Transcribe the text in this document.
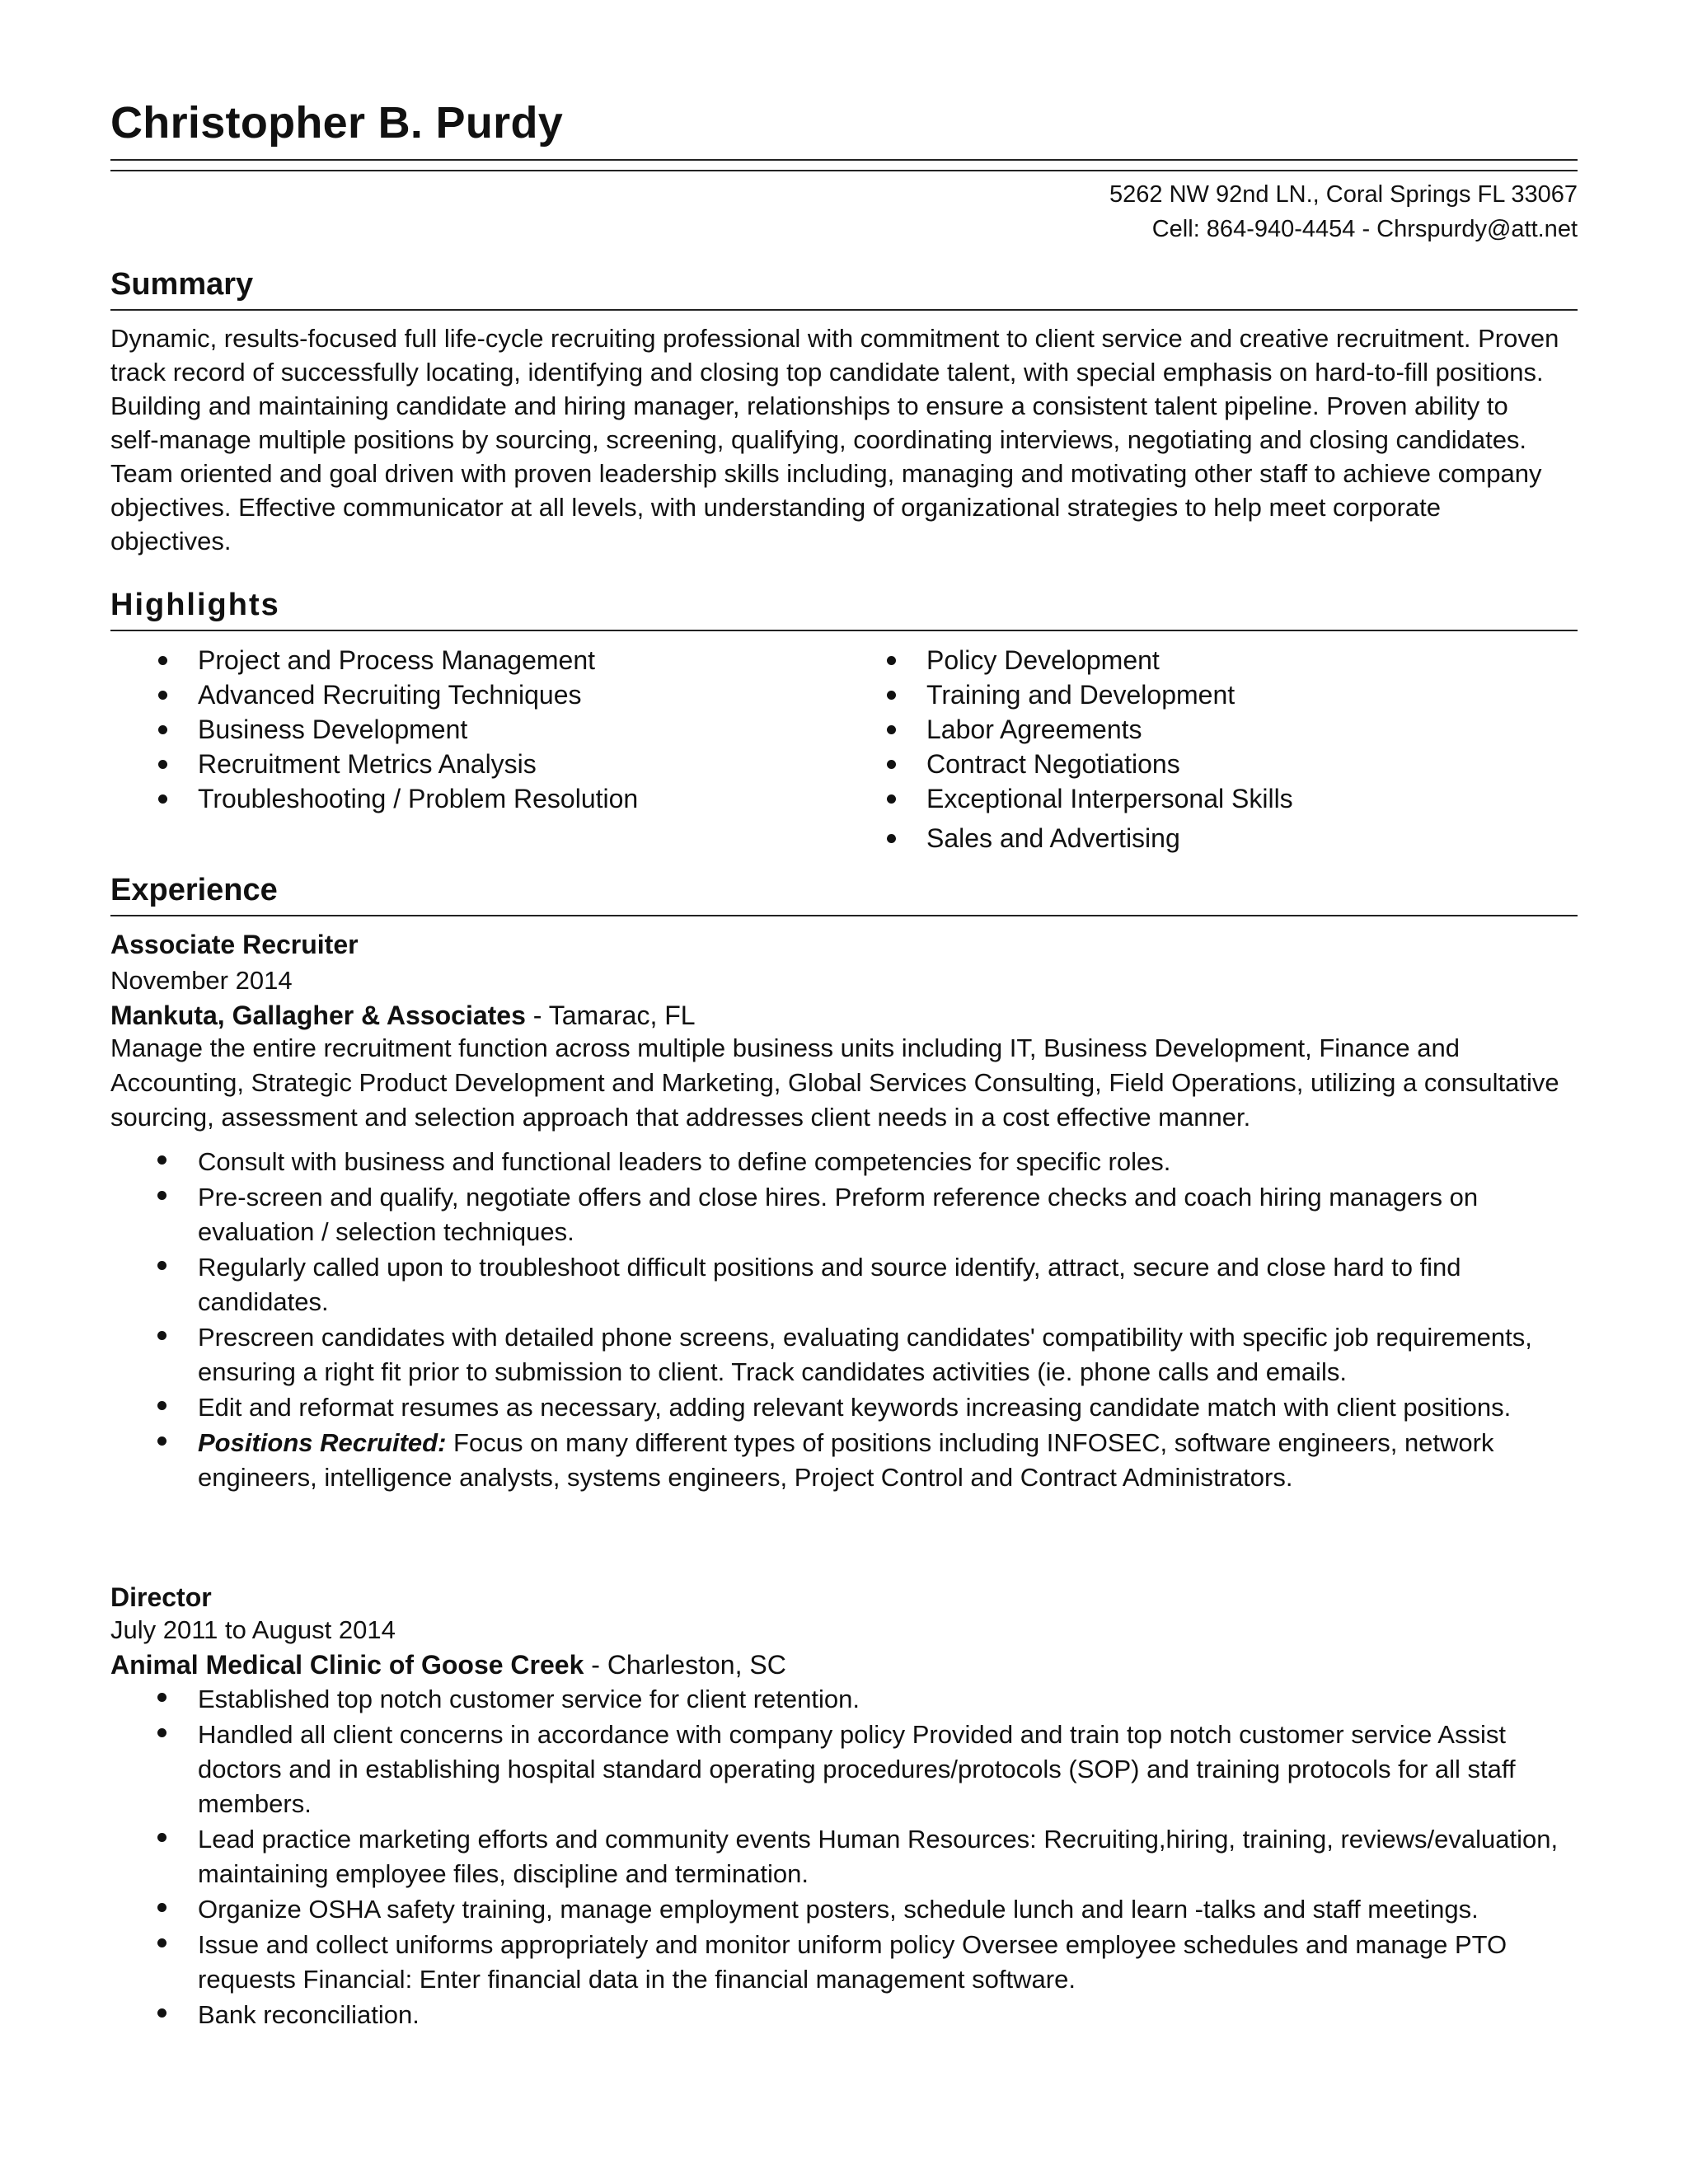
Christopher B. Purdy
5262 NW 92nd LN., Coral Springs FL 33067
Cell: 864-940-4454 - Chrspurdy@att.net
Summary

Dynamic, results-focused full life-cycle recruiting professional with commitment to client service and creative recruitment. Proven track record of successfully locating, identifying and closing top candidate talent, with special emphasis on hard-to-fill positions. Building and maintaining candidate and hiring manager, relationships to ensure a consistent talent pipeline. Proven ability to self-manage multiple positions by sourcing, screening, qualifying, coordinating interviews, negotiating and closing candidates. Team oriented and goal driven with proven leadership skills including, managing and motivating other staff to achieve company objectives. Effective communicator at all levels, with understanding of organizational strategies to help meet corporate objectives.

Highlights
Project and Process Management
Advanced Recruiting Techniques
Business Development
Recruitment Metrics Analysis
Troubleshooting / Problem Resolution
Policy Development
Training and Development
Labor Agreements
Contract Negotiations
Exceptional Interpersonal Skills
Sales and Advertising
Experience
Associate Recruiter
November 2014
Mankuta, Gallagher & Associates - Tamarac, FL

Manage the entire recruitment function across multiple business units including IT, Business Development, Finance and Accounting, Strategic Product Development and Marketing, Global Services Consulting, Field Operations, utilizing a consultative sourcing, assessment and selection approach that addresses client needs in a cost effective manner.

Consult with business and functional leaders to define competencies for specific roles.
Pre-screen and qualify, negotiate offers and close hires. Preform reference checks and coach hiring managers on evaluation / selection techniques.
Regularly called upon to troubleshoot difficult positions and source identify, attract, secure and close hard to find candidates.
Prescreen candidates with detailed phone screens, evaluating candidates' compatibility with specific job requirements, ensuring a right fit prior to submission to client. Track candidates activities (ie. phone calls and emails.
Edit and reformat resumes as necessary, adding relevant keywords increasing candidate match with client positions.
Positions Recruited: Focus on many different types of positions including INFOSEC, software engineers, network engineers, intelligence analysts, systems engineers, Project Control and Contract Administrators.
Director
July 2011 to August 2014
Animal Medical Clinic of Goose Creek - Charleston, SC
Established top notch customer service for client retention.
Handled all client concerns in accordance with company policy Provided and train top notch customer service Assist doctors and in establishing hospital standard operating procedures/protocols (SOP) and training protocols for all staff members.
Lead practice marketing efforts and community events Human Resources: Recruiting,hiring, training, reviews/evaluation, maintaining employee files, discipline and termination.
Organize OSHA safety training, manage employment posters, schedule lunch and learn -talks and staff meetings.
Issue and collect uniforms appropriately and monitor uniform policy Oversee employee schedules and manage PTO requests Financial: Enter financial data in the financial management software.
Bank reconciliation.
